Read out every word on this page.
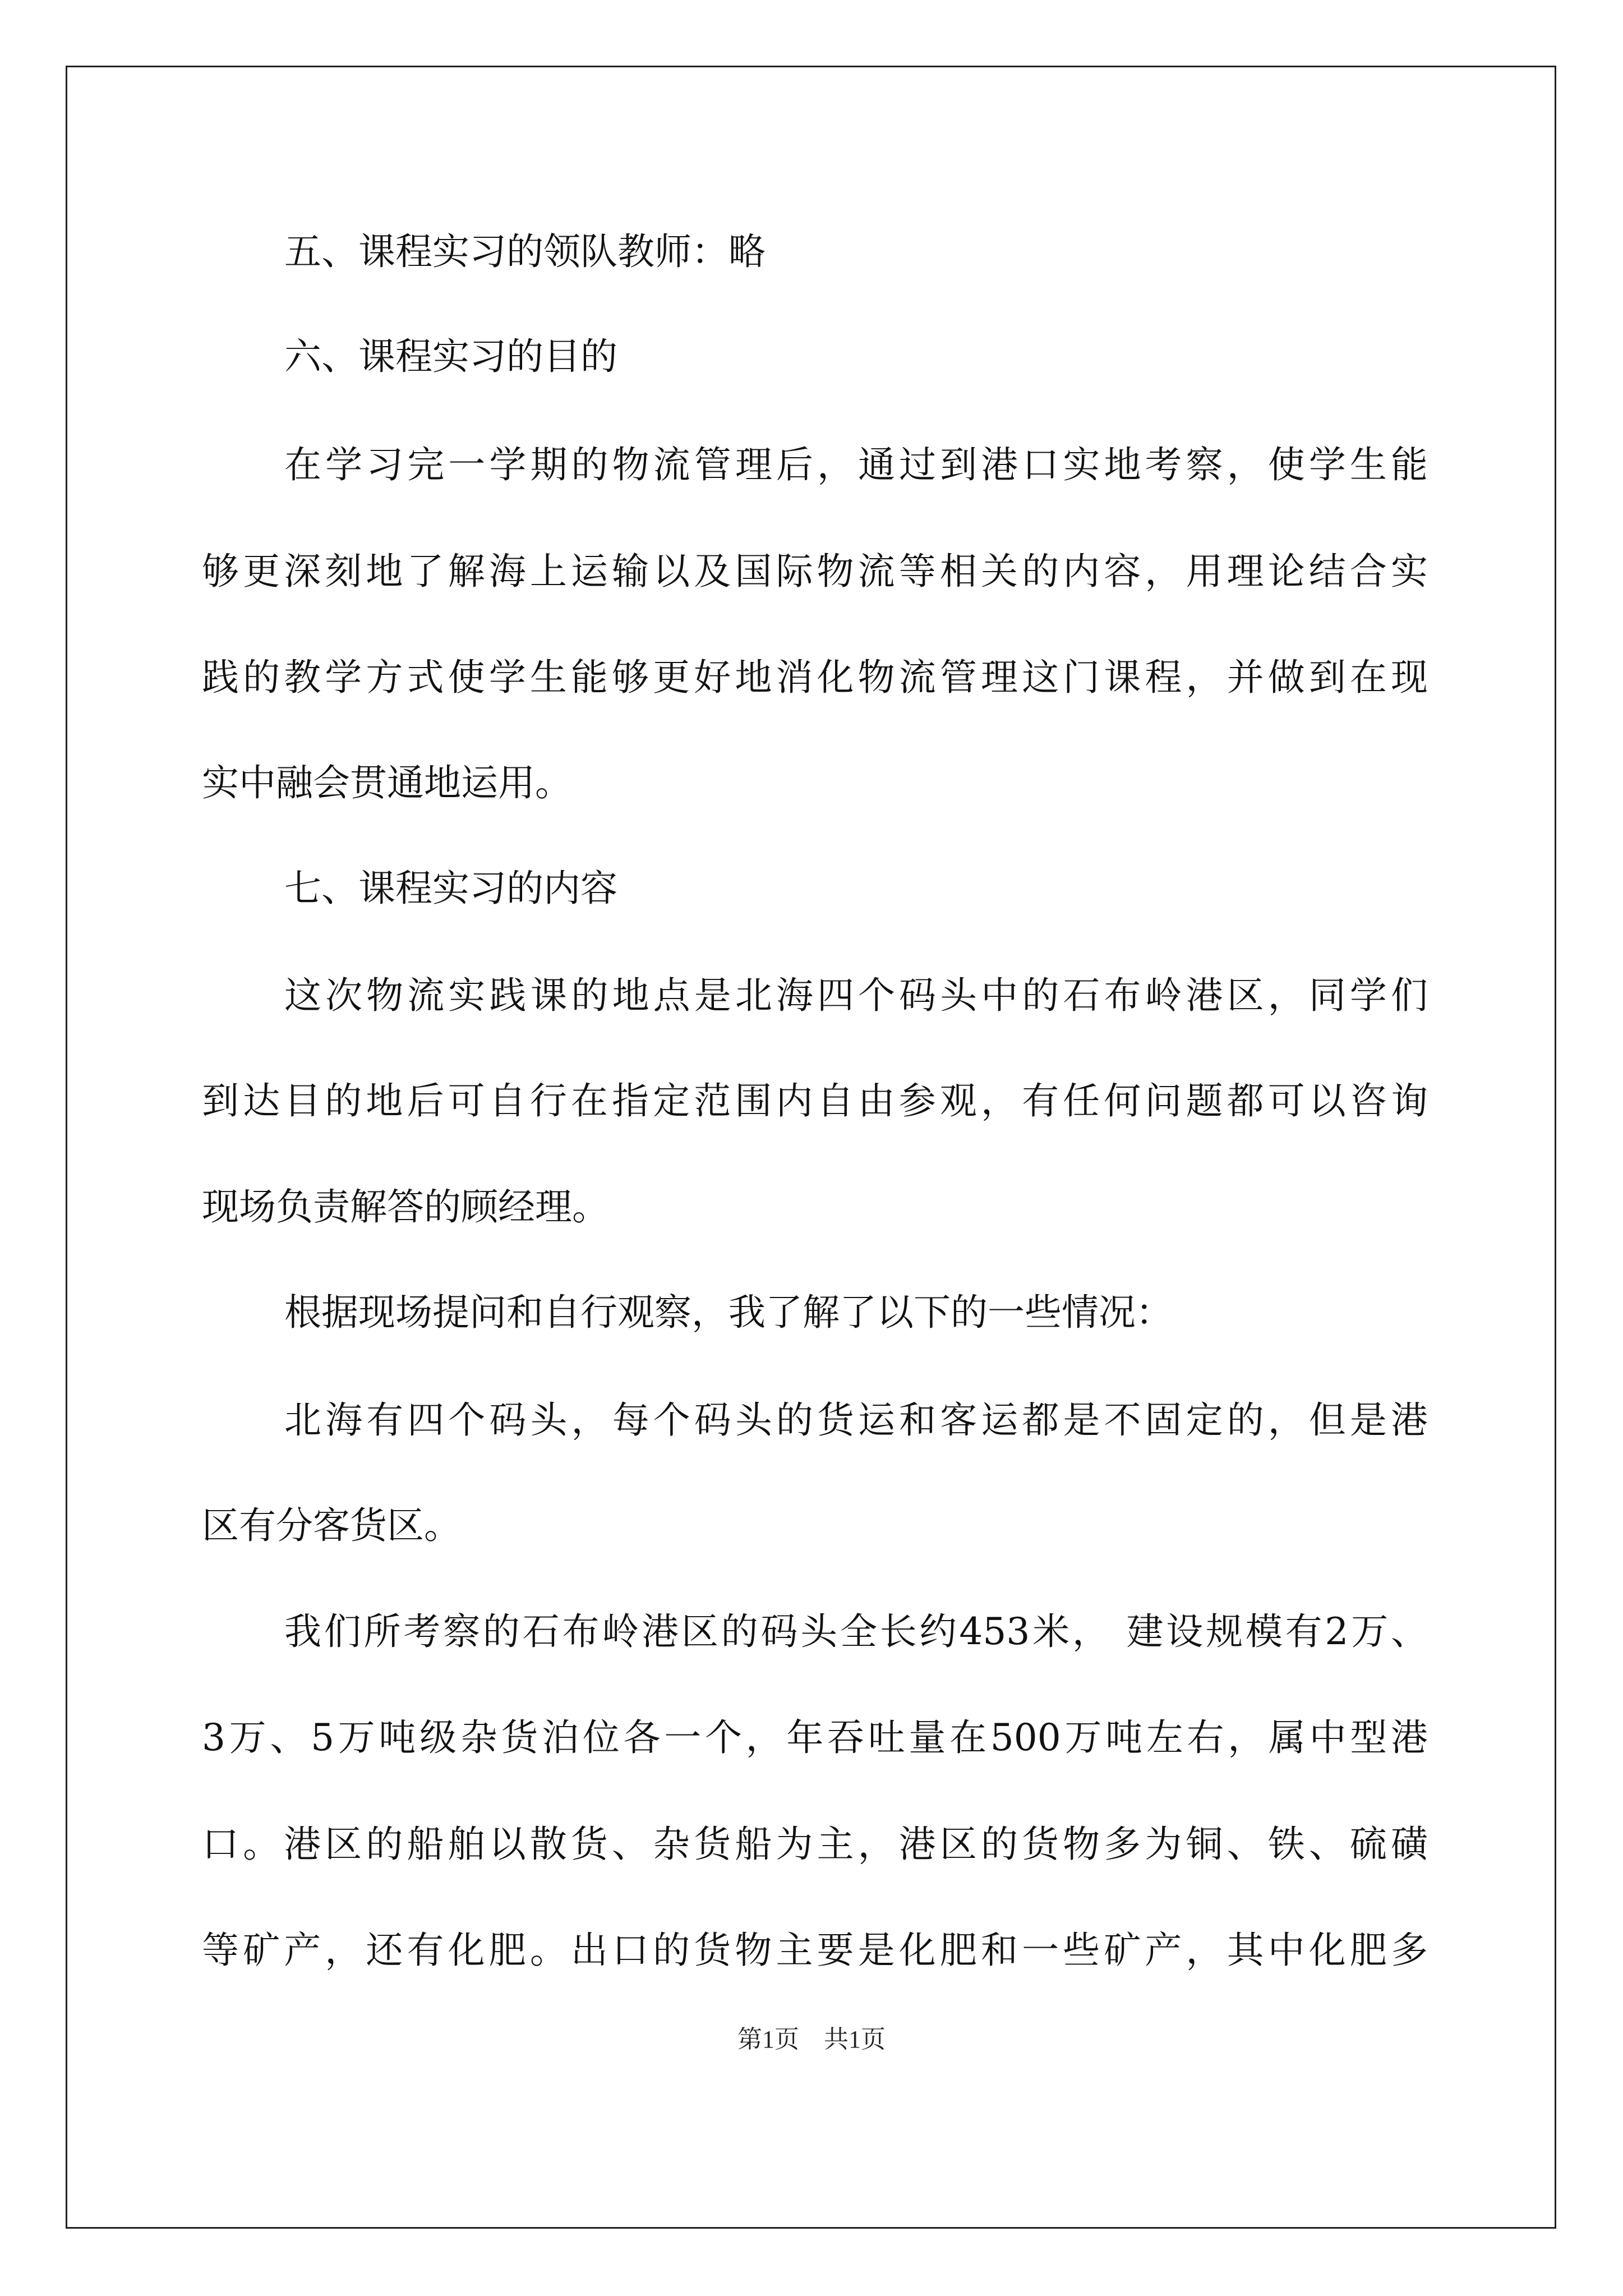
五、课程实习的领队教师：略
六、课程实习的目的
在学习完一学期的物流管理后，通过到港口实地考察，使学生能
够更深刻地了解海上运输以及国际物流等相关的内容，用理论结合实
践的教学方式使学生能够更好地消化物流管理这门课程，并做到在现
实中融会贯通地运用。
七、课程实习的内容
这次物流实践课的地点是北海四个码头中的石布岭港区，同学们
到达目的地后可自行在指定范围内自由参观，有任何问题都可以咨询
现场负责解答的顾经理。
根据现场提问和自行观察，我了解了以下的一些情况：
北海有四个码头，每个码头的货运和客运都是不固定的，但是港
区有分客货区。
我们所考察的石布岭港区的码头全长约453米， 建设规模有2万、
3万、5万吨级杂货泊位各一个，年吞吐量在500万吨左右，属中型港
口。港区的船舶以散货、杂货船为主，港区的货物多为铜、铁、硫磺
等矿产，还有化肥。出口的货物主要是化肥和一些矿产，其中化肥多
第1页 共1页
